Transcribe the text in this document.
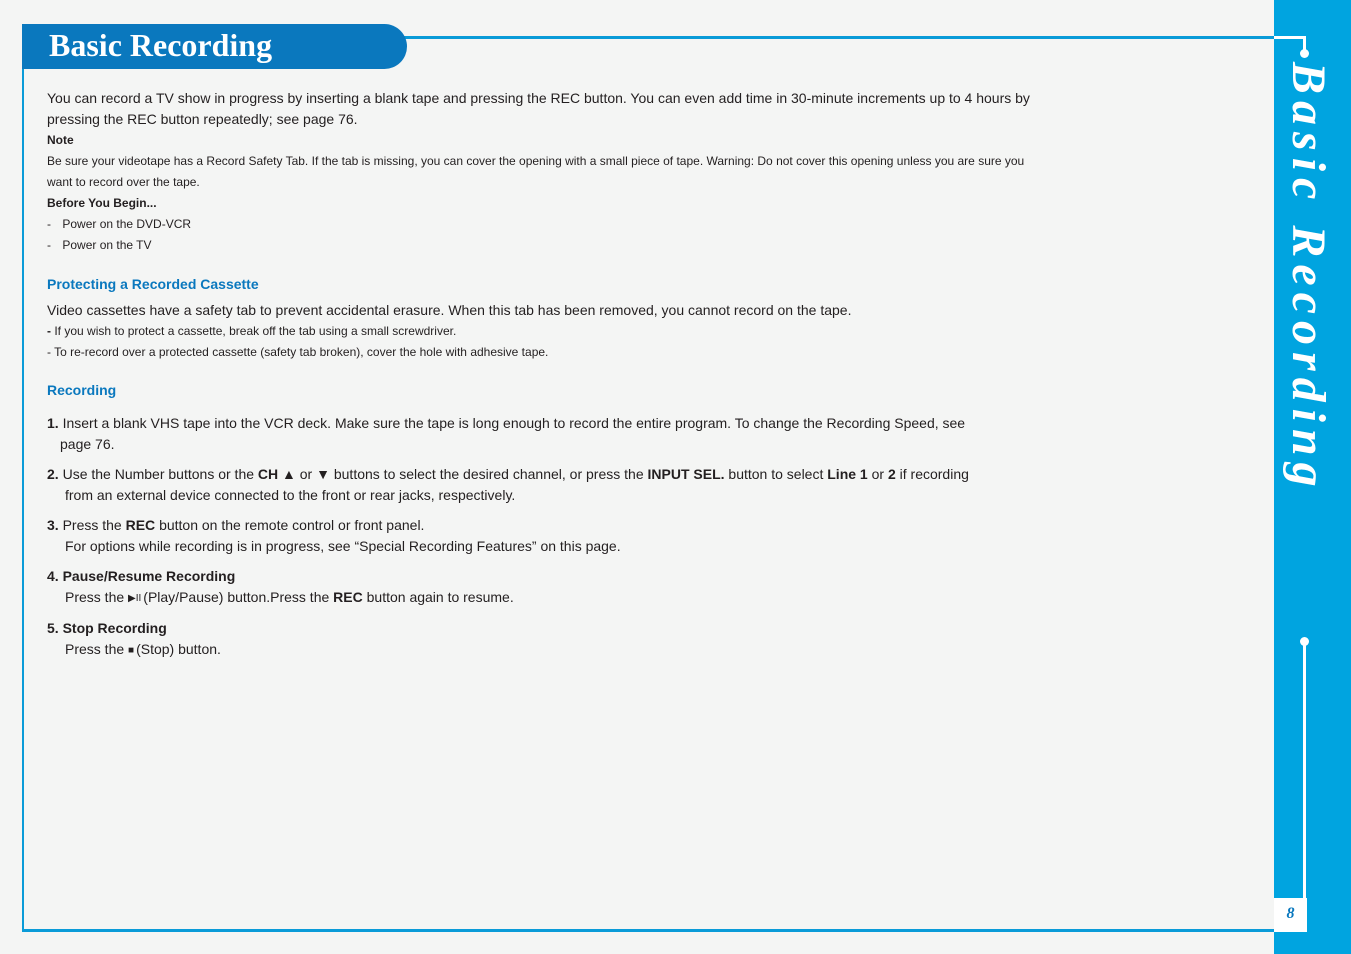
Basic Recording
Basic Recording
8

You can record a TV show in progress by inserting a blank tape and pressing the REC button. You can even add time in 30-minute increments up to 4 hours by pressing the REC button repeatedly; see page 76.

Note

Be sure your videotape has a Record Safety Tab. If the tab is missing, you can cover the opening with a small piece of tape. Warning: Do not cover this opening unless you are sure you want to record over the tape.

Before You Begin...

- Power on the DVD-VCR

- Power on the TV

Protecting a Recorded Cassette

Video cassettes have a safety tab to prevent accidental erasure. When this tab has been removed, you cannot record on the tape.

- If you wish to protect a cassette, break off the tab using a small screwdriver.

- To re-record over a protected cassette (safety tab broken), cover the hole with adhesive tape.

Recording

1. Insert a blank VHS tape into the VCR deck. Make sure the tape is long enough to record the entire program. To change the Recording Speed, see

page 76.

2. Use the Number buttons or the CH ▲ or ▼ buttons to select the desired channel, or press the INPUT SEL. button to select Line 1 or 2 if recording

from an external device connected to the front or rear jacks, respectively.

3. Press the REC button on the remote control or front panel.

For options while recording is in progress, see “Special Recording Features” on this page.

4. Pause/Resume Recording

Press the ▶II (Play/Pause) button.Press the REC button again to resume.

5. Stop Recording

Press the ■ (Stop) button.
